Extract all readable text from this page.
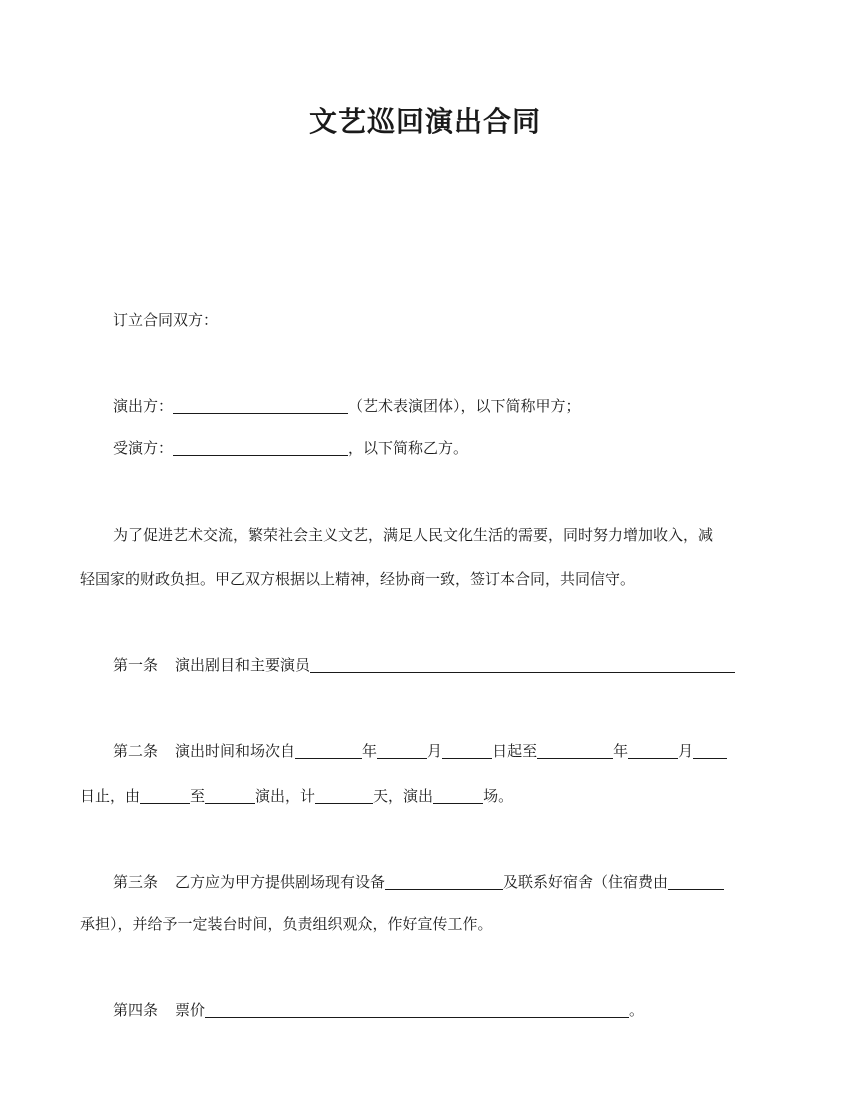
文艺巡回演出合同
订立合同双方：
演出方：	（艺术表演团体），以下简称甲方；
受演方：	，以下简称乙方。
为了促进艺术交流，繁荣社会主义文艺，满足人民文化生活的需要，同时努力增加收入，减
轻国家的财政负担。甲乙双方根据以上精神，经协商一致，签订本合同，共同信守。
第一条 演出剧目和主要演员
第二条 演出时间和场次自	年	月	日起至	年	月
日止，由	至	演出，计	天，演出	场。
第三条 乙方应为甲方提供剧场现有设备	及联系好宿舍（住宿费由
承担），并给予一定装台时间，负责组织观众，作好宣传工作。
第四条 票价	。
